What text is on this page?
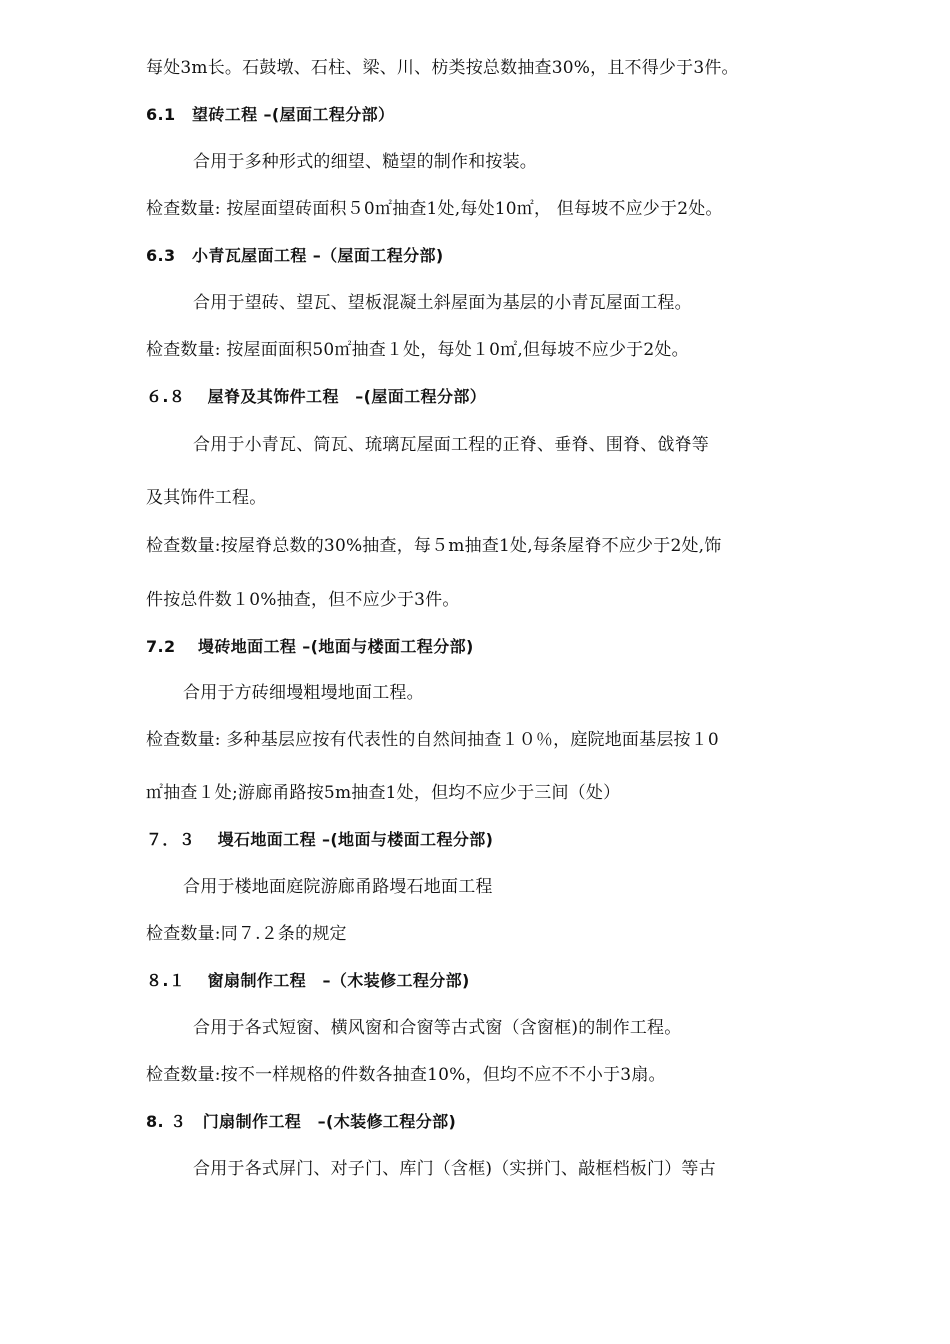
每处3m长。石鼓墩、石柱、梁、川、枋类按总数抽查30%，且不得少于3件。
6.1　望砖工程 –(屋面工程分部）
合用于多种形式的细望、糙望的制作和按装。
检查数量: 按屋面望砖面积５0㎡抽查1处,每处10㎡， 但每坡不应少于2处。
6.3　小青瓦屋面工程 –（屋面工程分部)
合用于望砖、望瓦、望板混凝土斜屋面为基层的小青瓦屋面工程。
检查数量: 按屋面面积50㎡抽查１处，每处１0㎡,但每坡不应少于2处。
６.８　 屋脊及其饰件工程　–(屋面工程分部）
合用于小青瓦、筒瓦、琉璃瓦屋面工程的正脊、垂脊、围脊、戗脊等
及其饰件工程。
检查数量:按屋脊总数的30%抽查，每５m抽查1处,每条屋脊不应少于2处,饰
件按总件数１0%抽查，但不应少于3件。
7.2　 墁砖地面工程 –(地面与楼面工程分部)
合用于方砖细墁粗墁地面工程。
检查数量: 多种基层应按有代表性的自然间抽查１０％，庭院地面基层按１0
㎡抽查１处;游廊甬路按5m抽查1处，但均不应少于三间（处）
７．３　 墁石地面工程 –(地面与楼面工程分部)
合用于楼地面庭院游廊甬路墁石地面工程
检查数量:同７.２条的规定
８.１　 窗扇制作工程　–（木装修工程分部)
合用于各式短窗、横风窗和合窗等古式窗（含窗框)的制作工程。
检查数量:按不一样规格的件数各抽查10%，但均不应不不小于3扇。
8. ３　门扇制作工程　–(木装修工程分部)
合用于各式屏门、对子门、库门（含框)（实拼门、敲框档板门）等古
